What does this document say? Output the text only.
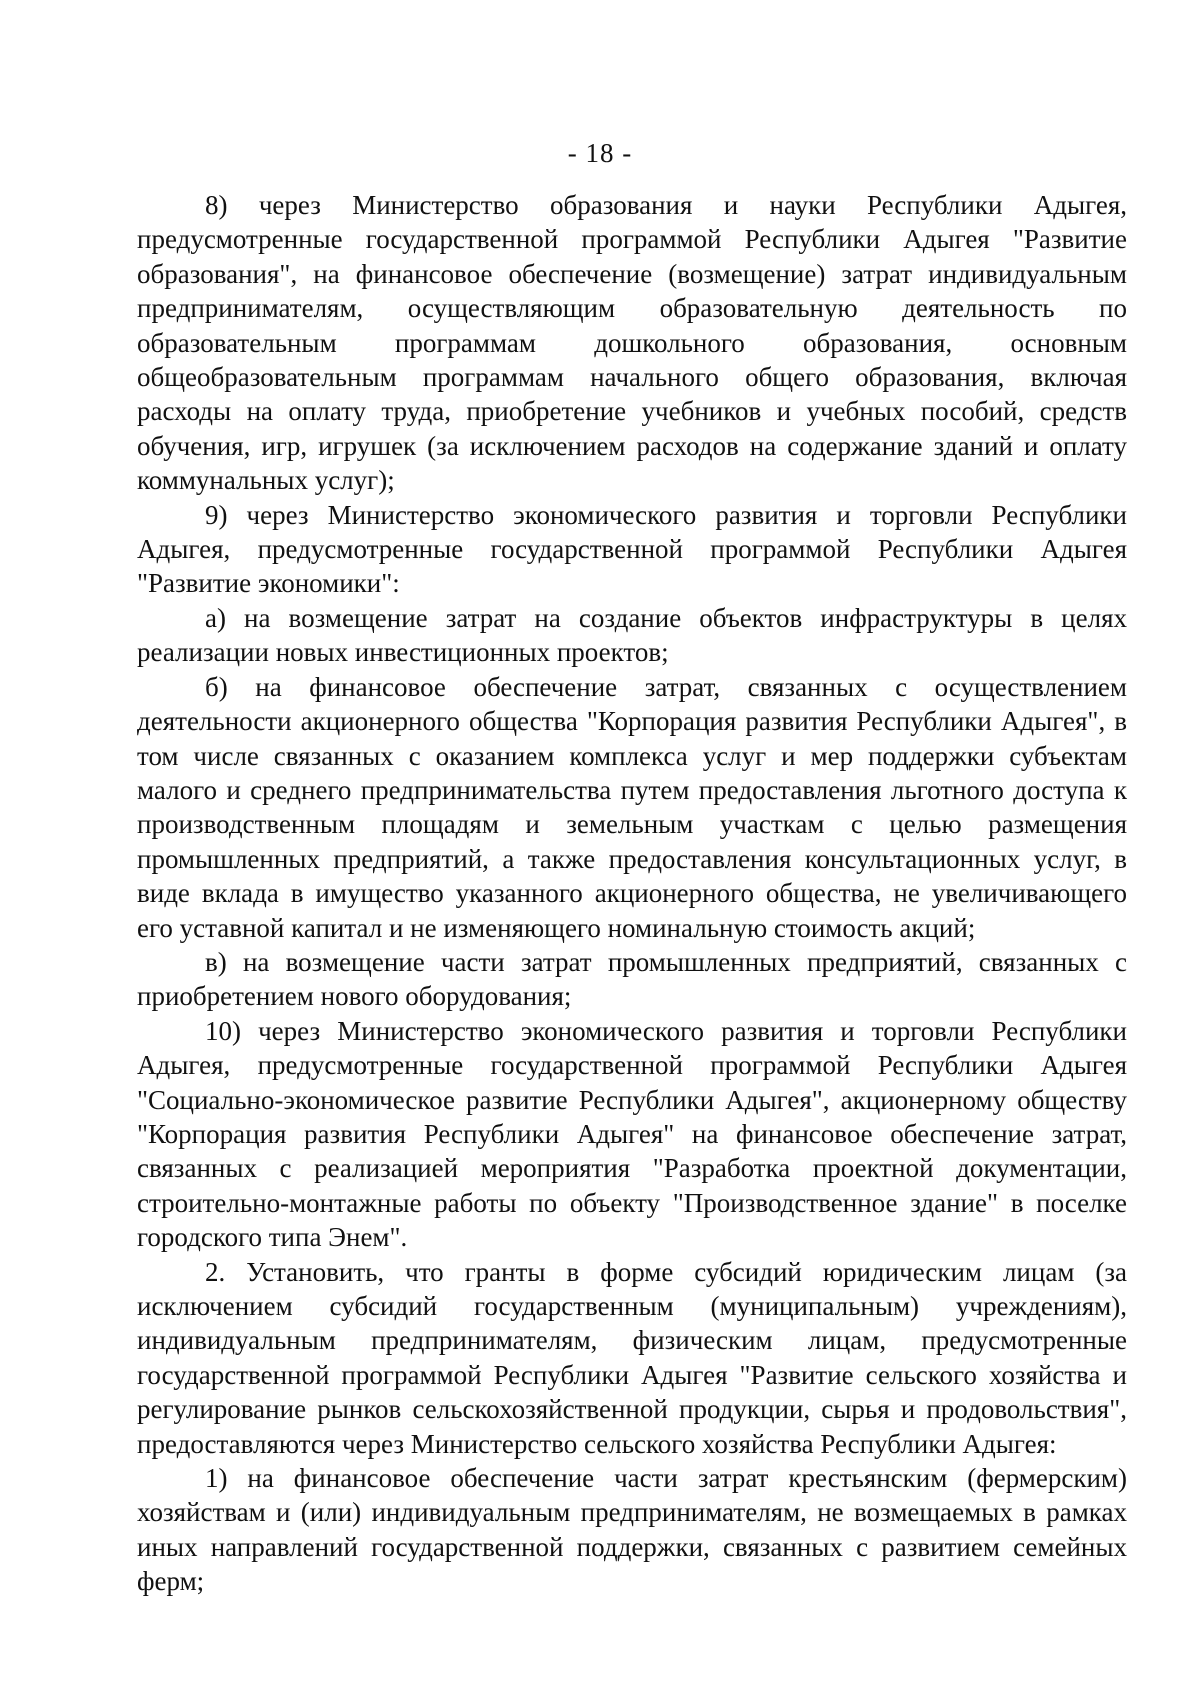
- 18 -

8) через Министерство образования и науки Республики Адыгея, предусмотренные государственной программой Республики Адыгея "Развитие образования", на финансовое обеспечение (возмещение) затрат индивидуальным предпринимателям, осуществляющим образовательную деятельность по образовательным программам дошкольного образования, основным общеобразовательным программам начального общего образования, включая расходы на оплату труда, приобретение учебников и учебных пособий, средств обучения, игр, игрушек (за исключением расходов на содержание зданий и оплату коммунальных услуг);

9) через Министерство экономического развития и торговли Республики Адыгея, предусмотренные государственной программой Республики Адыгея "Развитие экономики":

а) на возмещение затрат на создание объектов инфраструктуры в целях реализации новых инвестиционных проектов;

б) на финансовое обеспечение затрат, связанных с осуществлением деятельности акционерного общества "Корпорация развития Республики Адыгея", в том числе связанных с оказанием комплекса услуг и мер поддержки субъектам малого и среднего предпринимательства путем предоставления льготного доступа к производственным площадям и земельным участкам с целью размещения промышленных предприятий, а также предоставления консультационных услуг, в виде вклада в имущество указанного акционерного общества, не увеличивающего его уставной капитал и не изменяющего номинальную стоимость акций;

в) на возмещение части затрат промышленных предприятий, связанных с приобретением нового оборудования;

10) через Министерство экономического развития и торговли Республики Адыгея, предусмотренные государственной программой Республики Адыгея "Социально-экономическое развитие Республики Адыгея", акционерному обществу "Корпорация развития Республики Адыгея" на финансовое обеспечение затрат, связанных с реализацией мероприятия "Разработка проектной документации, строительно-монтажные работы по объекту "Производственное здание" в поселке городского типа Энем".

2. Установить, что гранты в форме субсидий юридическим лицам (за исключением субсидий государственным (муниципальным) учреждениям), индивидуальным предпринимателям, физическим лицам, предусмотренные государственной программой Республики Адыгея "Развитие сельского хозяйства и регулирование рынков сельскохозяйственной продукции, сырья и продовольствия", предоставляются через Министерство сельского хозяйства Республики Адыгея:

1) на финансовое обеспечение части затрат крестьянским (фермерским) хозяйствам и (или) индивидуальным предпринимателям, не возмещаемых в рамках иных направлений государственной поддержки, связанных с развитием семейных ферм;
